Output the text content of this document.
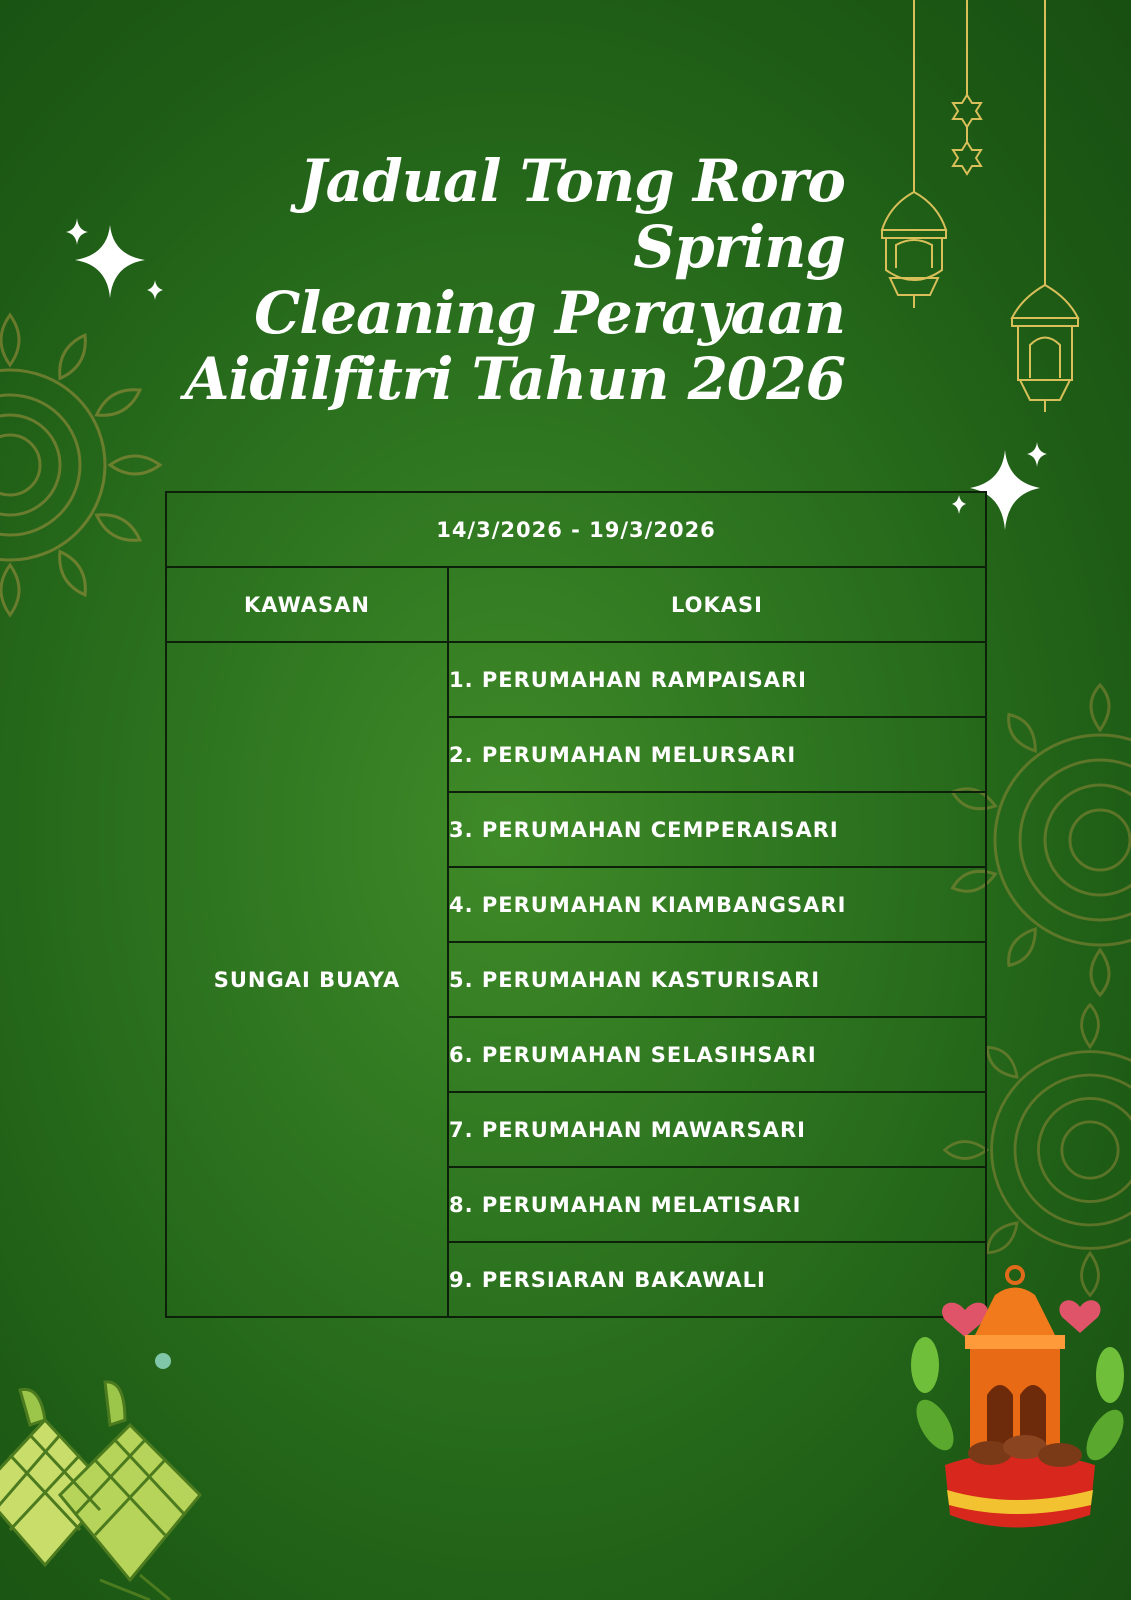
Jadual Tong Roro Spring
Cleaning Perayaan
Aidilfitri Tahun 2026
14/3/2026 - 19/3/2026	
KAWASAN	LOKASI
SUNGAI BUAYA	1. PERUMAHAN RAMPAISARI
	2. PERUMAHAN MELURSARI
	3. PERUMAHAN CEMPERAISARI
	4. PERUMAHAN KIAMBANGSARI
	5. PERUMAHAN KASTURISARI
	6. PERUMAHAN SELASIHSARI
	7. PERUMAHAN MAWARSARI
	8. PERUMAHAN MELATISARI
	9. PERSIARAN BAKAWALI
